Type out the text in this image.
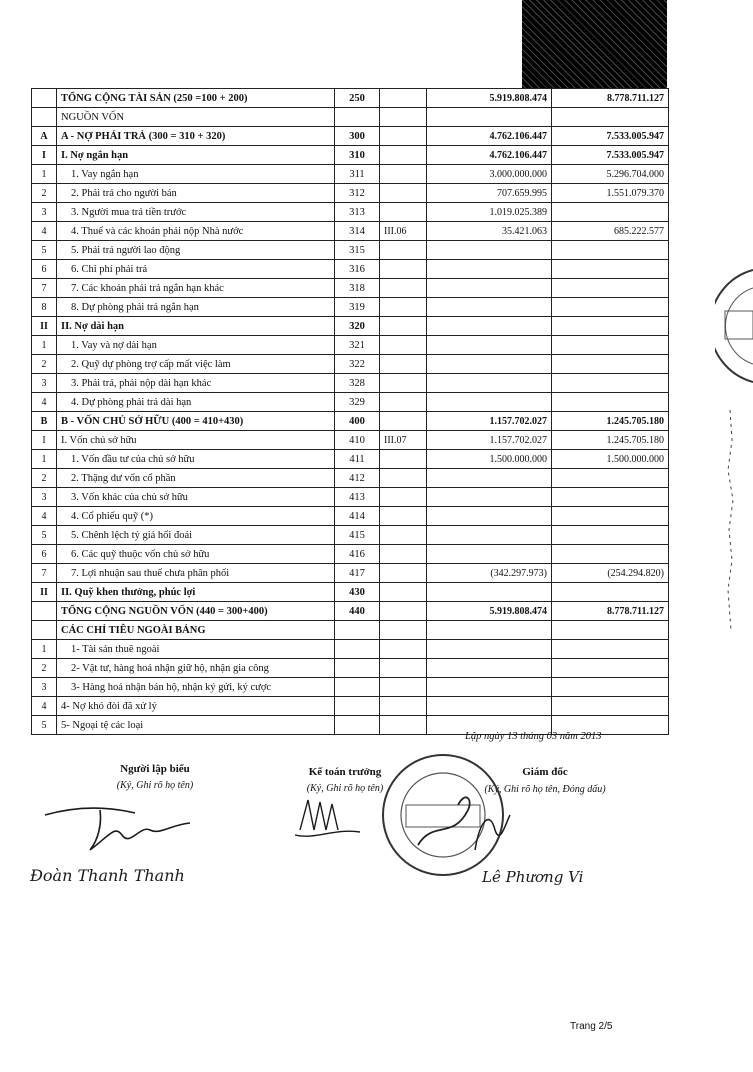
	TỔNG CỘNG TÀI SẢN (250 =100 + 200)	250		5.919.808.474	8.778.711.127
	NGUỒN VỐN				
A	A - NỢ PHẢI TRẢ (300 = 310 + 320)	300		4.762.106.447	7.533.005.947
I	I. Nợ ngắn hạn	310		4.762.106.447	7.533.005.947
1	1. Vay ngắn hạn	311		3.000.000.000	5.296.704.000
2	2. Phải trả cho người bán	312		707.659.995	1.551.079.370
3	3. Người mua trả tiền trước	313		1.019.025.389	
4	4. Thuế và các khoản phải nộp Nhà nước	314	III.06	35.421.063	685.222.577
5	5. Phải trả người lao động	315			
6	6. Chi phí phải trả	316			
7	7. Các khoản phải trả ngắn hạn khác	318			
8	8. Dự phòng phải trả ngắn hạn	319			
II	II. Nợ dài hạn	320			
1	1. Vay và nợ dài hạn	321			
2	2. Quỹ dự phòng trợ cấp mất việc làm	322			
3	3. Phải trả, phải nộp dài hạn khác	328			
4	4. Dự phòng phải trả dài hạn	329			
B	B - VỐN CHỦ SỞ HỮU (400 = 410+430)	400		1.157.702.027	1.245.705.180
I	I. Vốn chủ sở hữu	410	III.07	1.157.702.027	1.245.705.180
1	1. Vốn đầu tư của chủ sở hữu	411		1.500.000.000	1.500.000.000
2	2. Thặng dư vốn cổ phần	412			
3	3. Vốn khác của chủ sở hữu	413			
4	4. Cổ phiếu quỹ (*)	414			
5	5. Chênh lệch tỷ giá hối đoái	415			
6	6. Các quỹ thuộc vốn chủ sở hữu	416			
7	7. Lợi nhuận sau thuế chưa phân phối	417		(342.297.973)	(254.294.820)
II	II. Quỹ khen thưởng, phúc lợi	430			
	TỔNG CỘNG NGUỒN VỐN (440 = 300+400)	440		5.919.808.474	8.778.711.127
	CÁC CHỈ TIÊU NGOÀI BẢNG				
1	1- Tài sản thuê ngoài				
2	2- Vật tư, hàng hoá nhận giữ hộ, nhận gia công				
3	3- Hàng hoá nhận bán hộ, nhận ký gửi, ký cược				
4	4- Nợ khó đòi đã xử lý				
5	5- Ngoại tệ các loại				
Lập ngày 13 tháng 03 năm 2013
Người lập biểu
(Ký, Ghi rõ họ tên)
Kế toán trưởng
(Ký, Ghi rõ họ tên)
Giám đốc
(Ký, Ghi rõ họ tên, Đóng dấu)
Đoàn Thanh Thanh	Lê Phương Vi
Trang 2/5
